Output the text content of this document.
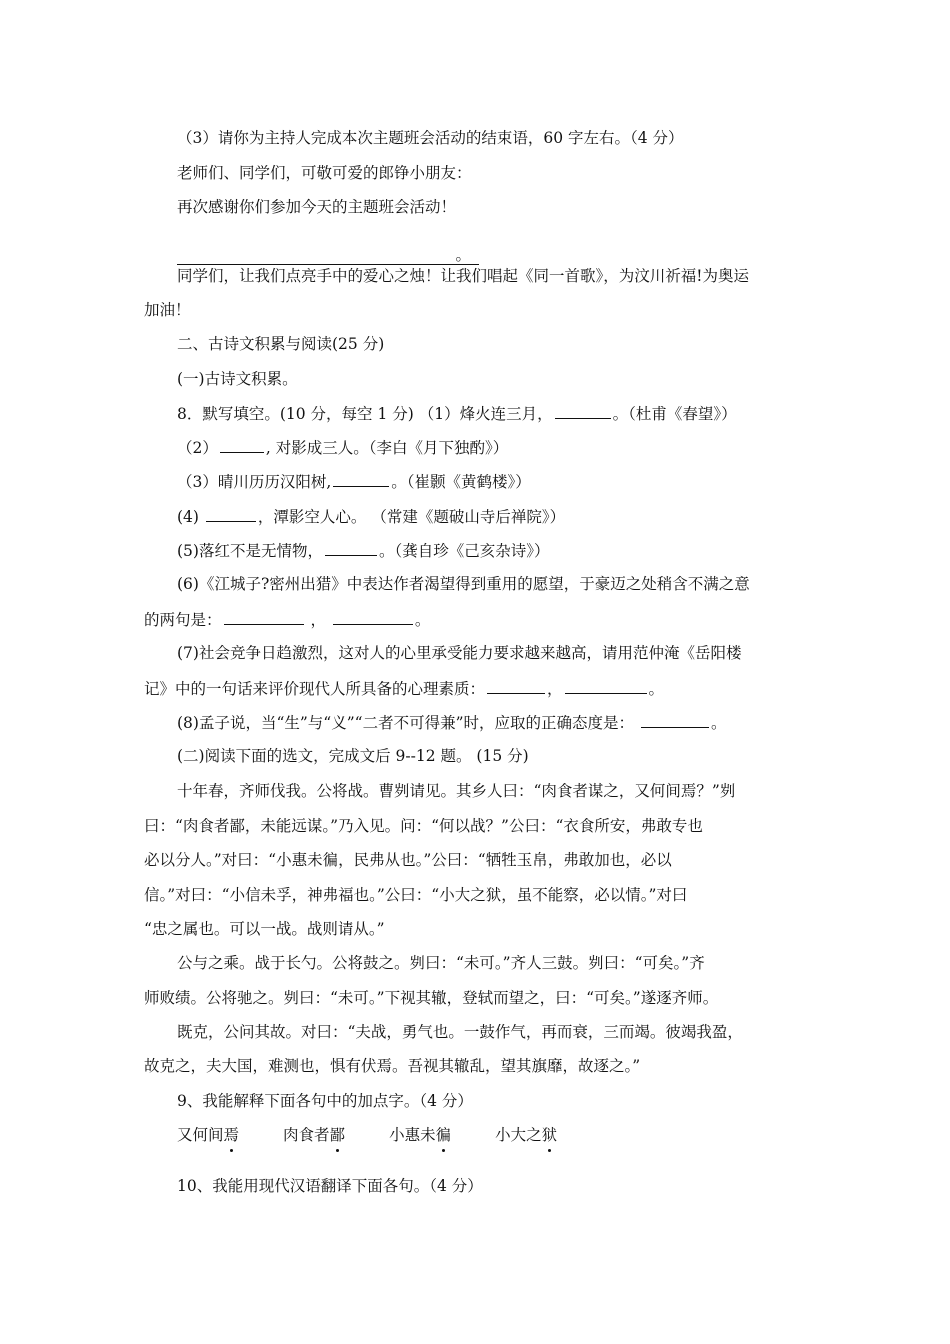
（3）请你为主持人完成本次主题班会活动的结束语，60 字左右。（4 分）
老师们、同学们，可敬可爱的郎铮小朋友：
再次感谢你们参加今天的主题班会活动！
。
同学们，让我们点亮手中的爱心之烛！让我们唱起《同一首歌》，为汶川祈福!为奥运
加油！
二、古诗文积累与阅读(25 分)
(一)古诗文积累。
8．默写填空。(10 分，每空 1 分) （1）烽火连三月，	。（杜甫《春望》）
（2）	, 对影成三人。（李白《月下独酌》）
（3）晴川历历汉阳树,	。（崔颢《黄鹤楼》）
(4)	，潭影空人心。 （常建《题破山寺后禅院》）
(5)落红不是无情物，	。（龚自珍《己亥杂诗》）
(6)《江城子?密州出猎》中表达作者渴望得到重用的愿望，于豪迈之处稍含不满之意
的两句是：	，	。
(7)社会竞争日趋激烈，这对人的心里承受能力要求越来越高，请用范仲淹《岳阳楼
记》中的一句话来评价现代人所具备的心理素质：	，	。
(8)孟子说，当“生”与“义”“二者不可得兼”时，应取的正确态度是：	。
(二)阅读下面的选文，完成文后 9--12 题。 (15 分)
十年春，齐师伐我。公将战。曹刿请见。其乡人曰：“肉食者谋之，又何间焉？”刿
曰：“肉食者鄙，未能远谋。”乃入见。问：“何以战？”公曰：“衣食所安，弗敢专也
必以分人。”对曰：“小惠未徧，民弗从也。”公曰：“牺牲玉帛，弗敢加也，必以
信。”对曰：“小信未孚，神弗福也。”公曰：“小大之狱，虽不能察，必以情。”对曰
“忠之属也。可以一战。战则请从。”
公与之乘。战于长勺。公将鼓之。刿曰：“未可。”齐人三鼓。刿曰：“可矣。”齐
师败绩。公将驰之。刿曰：“未可。”下视其辙，登轼而望之，曰：“可矣。”遂逐齐师。
既克，公问其故。对曰：“夫战，勇气也。一鼓作气，再而衰，三而竭。彼竭我盈，
故克之，夫大国，难测也，惧有伏焉。吾视其辙乱，望其旗靡，故逐之。”
9、我能解释下面各句中的加点字。（4 分）
又何间焉	肉食者鄙	小惠未徧	小大之狱
10、我能用现代汉语翻译下面各句。（4 分）
